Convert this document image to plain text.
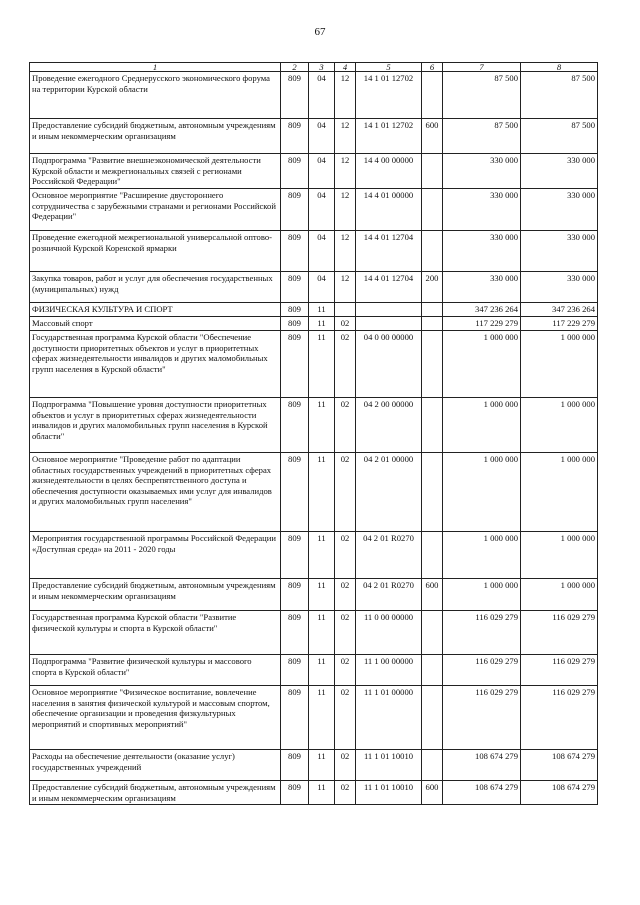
67
1	2	3	4	5	6	7	8
Проведение ежегодного Среднерусского экономического форума на территории Курской области	809	04	12	14 1 01 12702		87 500	87 500
Предоставление субсидий бюджетным, автономным учреждениям и иным некоммерческим организациям	809	04	12	14 1 01 12702	600	87 500	87 500
Подпрограмма "Развитие внешнеэкономической деятельности Курской области и межрегиональных связей с регионами Российской Федерации"	809	04	12	14 4 00 00000		330 000	330 000
Основное мероприятие "Расширение двустороннего сотрудничества с зарубежными странами и регионами Российской Федерации"	809	04	12	14 4 01 00000		330 000	330 000
Проведение ежегодной межрегиональной универсальной оптово-розничной Курской Коренской ярмарки	809	04	12	14 4 01 12704		330 000	330 000
Закупка товаров, работ и услуг для обеспечения государственных (муниципальных) нужд	809	04	12	14 4 01 12704	200	330 000	330 000
ФИЗИЧЕСКАЯ КУЛЬТУРА И СПОРТ	809	11				347 236 264	347 236 264
Массовый спорт	809	11	02			117 229 279	117 229 279
Государственная программа Курской области "Обеспечение доступности приоритетных объектов и услуг в приоритетных сферах жизнедеятельности инвалидов и других маломобильных групп населения в Курской области"	809	11	02	04 0 00 00000		1 000 000	1 000 000
Подпрограмма "Повышение уровня доступности приоритетных объектов и услуг в приоритетных сферах жизнедеятельности инвалидов и других маломобильных групп населения в Курской области"	809	11	02	04 2 00 00000		1 000 000	1 000 000
Основное мероприятие "Проведение работ по адаптации областных государственных учреждений в приоритетных сферах жизнедеятельности в целях беспрепятственного доступа и обеспечения доступности оказываемых ими услуг для инвалидов и других маломобильных групп населения"	809	11	02	04 2 01 00000		1 000 000	1 000 000
Мероприятия государственной программы Российской Федерации «Доступная среда» на 2011 - 2020 годы	809	11	02	04 2 01 R0270		1 000 000	1 000 000
Предоставление субсидий бюджетным, автономным учреждениям и иным некоммерческим организациям	809	11	02	04 2 01 R0270	600	1 000 000	1 000 000
Государственная программа Курской области "Развитие физической культуры и спорта в Курской области"	809	11	02	11 0 00 00000		116 029 279	116 029 279
Подпрограмма "Развитие физической культуры и массового спорта в Курской области"	809	11	02	11 1 00 00000		116 029 279	116 029 279
Основное мероприятие "Физическое воспитание, вовлечение населения в занятия физической культурой и массовым спортом, обеспечение организации и проведения физкультурных мероприятий и спортивных мероприятий"	809	11	02	11 1 01 00000		116 029 279	116 029 279
Расходы на обеспечение деятельности (оказание услуг) государственных учреждений	809	11	02	11 1 01 10010		108 674 279	108 674 279
Предоставление субсидий бюджетным, автономным учреждениям и иным некоммерческим организациям	809	11	02	11 1 01 10010	600	108 674 279	108 674 279
